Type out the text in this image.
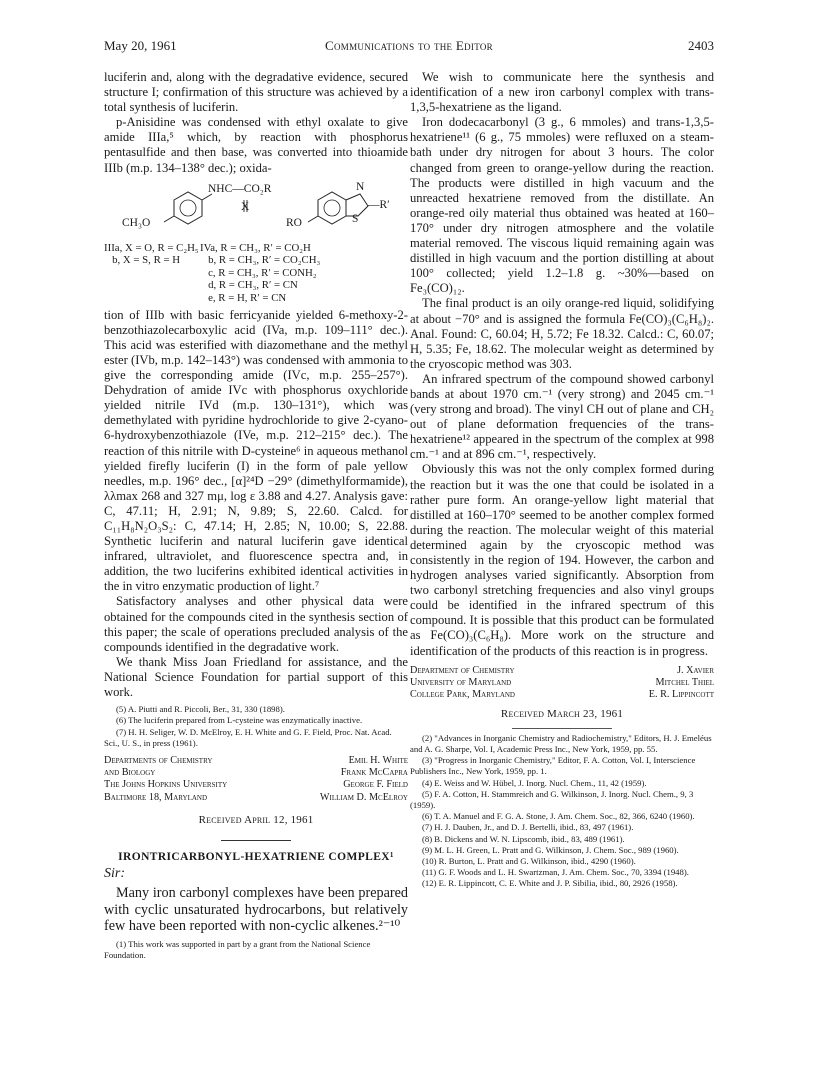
May 20, 1961	Communications to the Editor	2403

luciferin and, along with the degradative evidence, secured structure I; confirmation of this structure was achieved by a total synthesis of luciferin.

p-Anisidine was condensed with ethyl oxalate to give amide IIIa,⁵ which, by reaction with phosphorus pentasulfide and then base, was converted into thioamide IIIb (m.p. 134–138° dec.); oxida-

NHC—CO₂R
X
CH₃O
N
S
—R′
RO
IIIa, X = O, R = C₂H₅
b, X = S, R = H
IVa, R = CH₃, R′ = CO₂H
b, R = CH₃, R′ = CO₂CH₃
c, R = CH₃, R′ = CONH₂
d, R = CH₃, R′ = CN
e, R = H, R′ = CN

tion of IIIb with basic ferricyanide yielded 6-methoxy-2-benzothiazolecarboxylic acid (IVa, m.p. 109–111° dec.). This acid was esterified with diazomethane and the methyl ester (IVb, m.p. 142–143°) was condensed with ammonia to give the corresponding amide (IVc, m.p. 255–257°). Dehydration of amide IVc with phosphorus oxychloride yielded nitrile IVd (m.p. 130–131°), which was demethylated with pyridine hydrochloride to give 2-cyano-6-hydroxybenzothiazole (IVe, m.p. 212–215° dec.). The reaction of this nitrile with D-cysteine⁶ in aqueous methanol yielded firefly luciferin (I) in the form of pale yellow needles, m.p. 196° dec., [α]²⁴D −29° (dimethylformamide), λλmax 268 and 327 mμ, log ε 3.88 and 4.27. Analysis gave: C, 47.11; H, 2.91; N, 9.89; S, 22.60. Calcd. for C₁₁H₈N₂O₃S₂: C, 47.14; H, 2.85; N, 10.00; S, 22.88. Synthetic luciferin and natural luciferin gave identical infrared, ultraviolet, and fluorescence spectra and, in addition, the two luciferins exhibited identical activities in the in vitro enzymatic production of light.⁷

Satisfactory analyses and other physical data were obtained for the compounds cited in the synthesis section of this paper; the scale of operations precluded analysis of the compounds identified in the degradative work.

We thank Miss Joan Friedland for assistance, and the National Science Foundation for partial support of this work.

(5) A. Piutti and R. Piccoli, Ber., 31, 330 (1898).

(6) The luciferin prepared from L-cysteine was enzymatically inactive.

(7) H. H. Seliger, W. D. McElroy, E. H. White and G. F. Field, Proc. Nat. Acad. Sci., U. S., in press (1961).

Departments of Chemistry
and Biology
The Johns Hopkins University
Baltimore 18, Maryland
Emil H. White
Frank McCapra
George F. Field
William D. McElroy
Received April 12, 1961
IRONTRICARBONYL-HEXATRIENE COMPLEX¹
Sir:

Many iron carbonyl complexes have been prepared with cyclic unsaturated hydrocarbons, but relatively few have been reported with non-cyclic alkenes.²⁻¹⁰

(1) This work was supported in part by a grant from the National Science Foundation.

We wish to communicate here the synthesis and identification of a new iron carbonyl complex with trans-1,3,5-hexatriene as the ligand.

Iron dodecacarbonyl (3 g., 6 mmoles) and trans-1,3,5-hexatriene¹¹ (6 g., 75 mmoles) were refluxed on a steam-bath under dry nitrogen for about 3 hours. The color changed from green to orange-yellow during the reaction. The products were distilled in high vacuum and the unreacted hexatriene removed from the distillate. An orange-red oily material thus obtained was heated at 160–170° under dry nitrogen atmosphere and the volatile material removed. The viscous liquid remaining again was distilled in high vacuum and the portion distilling at about 100° collected; yield 1.2–1.8 g. ~30%—based on Fe₃(CO)₁₂.

The final product is an oily orange-red liquid, solidifying at about −70° and is assigned the formula Fe(CO)₃(C₆H₈)₂. Anal. Found: C, 60.04; H, 5.72; Fe 18.32. Calcd.: C, 60.07; H, 5.35; Fe, 18.62. The molecular weight as determined by the cryoscopic method was 303.

An infrared spectrum of the compound showed carbonyl bands at about 1970 cm.⁻¹ (very strong) and 2045 cm.⁻¹ (very strong and broad). The vinyl CH out of plane and CH₂ out of plane deformation frequencies of the trans-hexatriene¹² appeared in the spectrum of the complex at 998 cm.⁻¹ and at 896 cm.⁻¹, respectively.

Obviously this was not the only complex formed during the reaction but it was the one that could be isolated in a rather pure form. An orange-yellow light material that distilled at 160–170° seemed to be another complex formed during the reaction. The molecular weight of this material determined again by the cryoscopic method was consistently in the region of 194. However, the carbon and hydrogen analyses varied significantly. Absorption from two carbonyl stretching frequencies and also vinyl groups could be identified in the infrared spectrum of this compound. It is possible that this product can be formulated as Fe(CO)₃(C₆H₈). More work on the structure and identification of the products of this reaction is in progress.

Department of Chemistry
University of Maryland
College Park, Maryland
J. Xavier
Mitchel Thiel
E. R. Lippincott
Received March 23, 1961

(2) "Advances in Inorganic Chemistry and Radiochemistry," Editors, H. J. Emeléus and A. G. Sharpe, Vol. I, Academic Press Inc., New York, 1959, pp. 55.

(3) "Progress in Inorganic Chemistry," Editor, F. A. Cotton, Vol. I, Interscience Publishers Inc., New York, 1959, pp. 1.

(4) E. Weiss and W. Hübel, J. Inorg. Nucl. Chem., 11, 42 (1959).

(5) F. A. Cotton, H. Stammreich and G. Wilkinson, J. Inorg. Nucl. Chem., 9, 3 (1959).

(6) T. A. Manuel and F. G. A. Stone, J. Am. Chem. Soc., 82, 366, 6240 (1960).

(7) H. J. Dauben, Jr., and D. J. Bertelli, ibid., 83, 497 (1961).

(8) B. Dickens and W. N. Lipscomb, ibid., 83, 489 (1961).

(9) M. L. H. Green, L. Pratt and G. Wilkinson, J. Chem. Soc., 989 (1960).

(10) R. Burton, L. Pratt and G. Wilkinson, ibid., 4290 (1960).

(11) G. F. Woods and L. H. Swartzman, J. Am. Chem. Soc., 70, 3394 (1948).

(12) E. R. Lippincott, C. E. White and J. P. Sibilia, ibid., 80, 2926 (1958).
